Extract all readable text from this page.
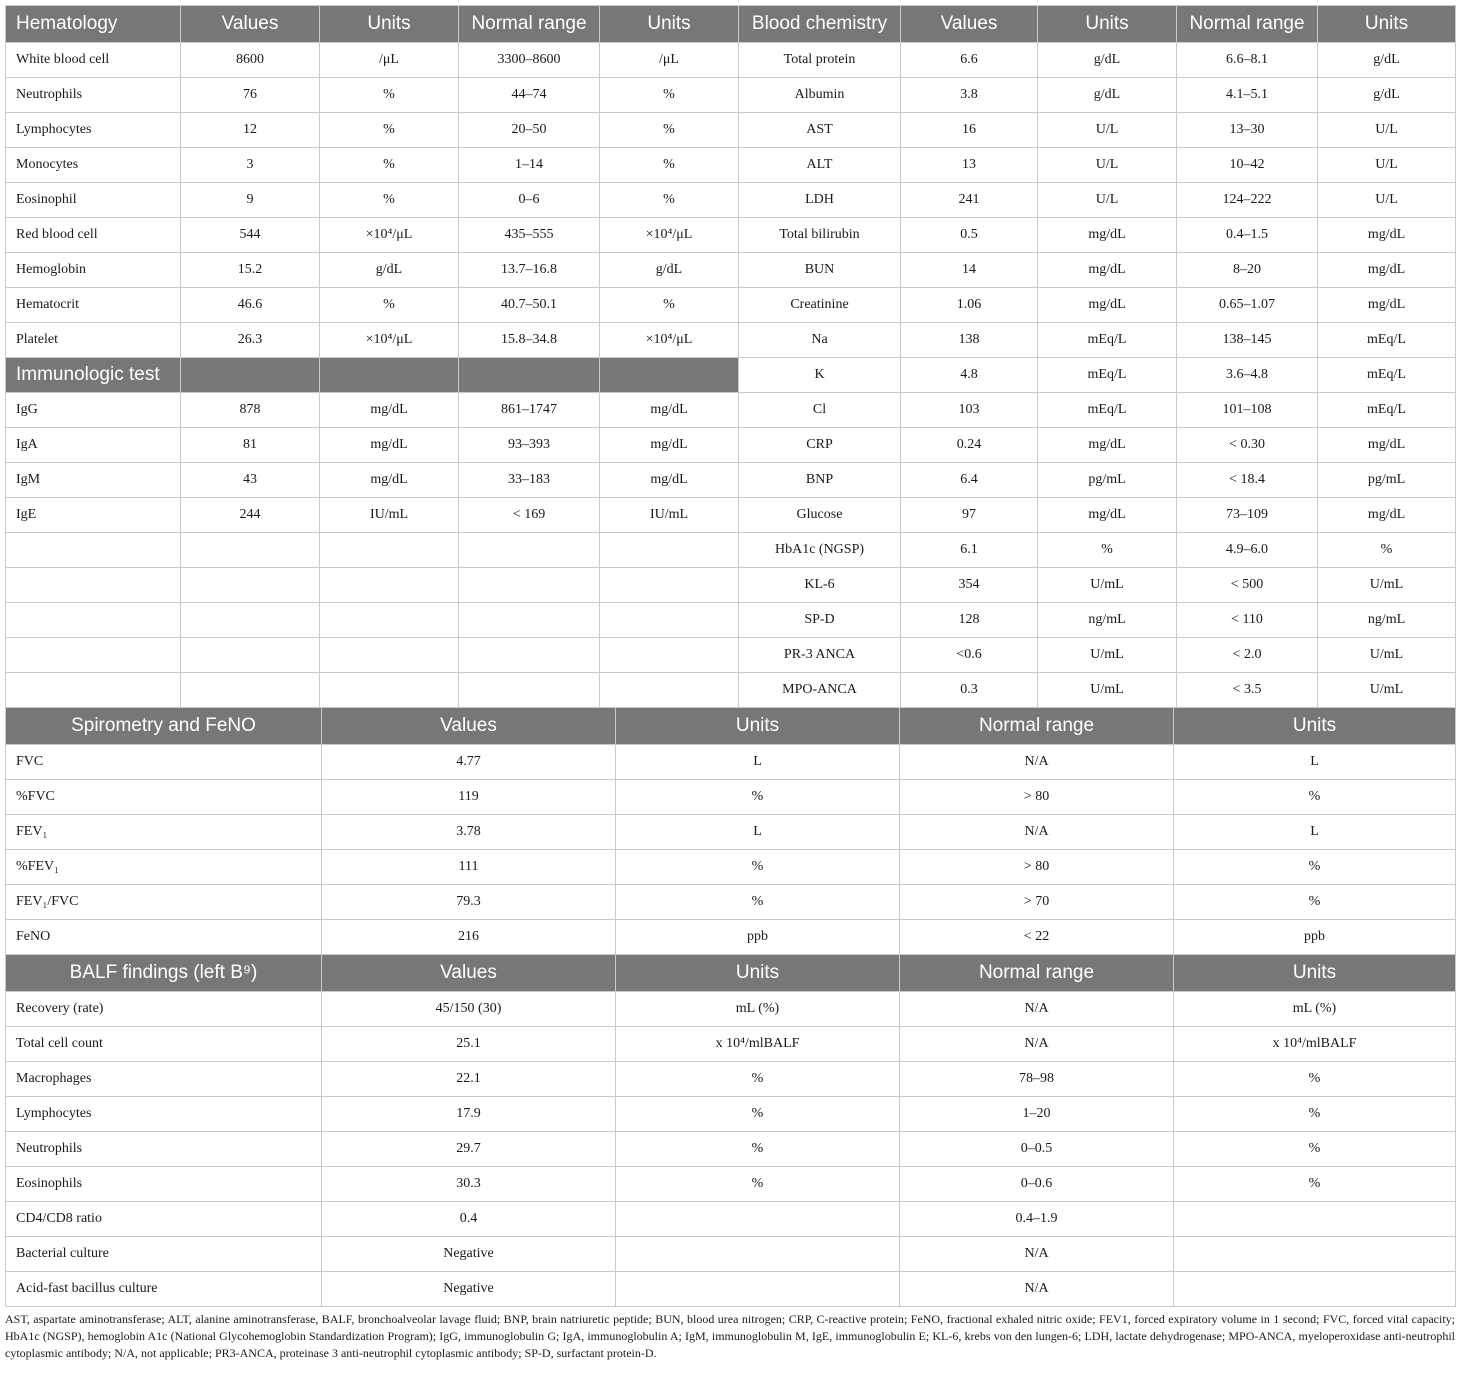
Hematology	Values	Units	Normal range	Units	Blood chemistry	Values	Units	Normal range	Units
White blood cell	8600	/μL	3300–8600	/μL	Total protein	6.6	g/dL	6.6–8.1	g/dL
Neutrophils	76	%	44–74	%	Albumin	3.8	g/dL	4.1–5.1	g/dL
Lymphocytes	12	%	20–50	%	AST	16	U/L	13–30	U/L
Monocytes	3	%	1–14	%	ALT	13	U/L	10–42	U/L
Eosinophil	9	%	0–6	%	LDH	241	U/L	124–222	U/L
Red blood cell	544	×10⁴/μL	435–555	×10⁴/μL	Total bilirubin	0.5	mg/dL	0.4–1.5	mg/dL
Hemoglobin	15.2	g/dL	13.7–16.8	g/dL	BUN	14	mg/dL	8–20	mg/dL
Hematocrit	46.6	%	40.7–50.1	%	Creatinine	1.06	mg/dL	0.65–1.07	mg/dL
Platelet	26.3	×10⁴/μL	15.8–34.8	×10⁴/μL	Na	138	mEq/L	138–145	mEq/L
Immunologic test					K	4.8	mEq/L	3.6–4.8	mEq/L
IgG	878	mg/dL	861–1747	mg/dL	Cl	103	mEq/L	101–108	mEq/L
IgA	81	mg/dL	93–393	mg/dL	CRP	0.24	mg/dL	< 0.30	mg/dL
IgM	43	mg/dL	33–183	mg/dL	BNP	6.4	pg/mL	< 18.4	pg/mL
IgE	244	IU/mL	< 169	IU/mL	Glucose	97	mg/dL	73–109	mg/dL
					HbA1c (NGSP)	6.1	%	4.9–6.0	%
					KL-6	354	U/mL	< 500	U/mL
					SP-D	128	ng/mL	< 110	ng/mL
					PR-3 ANCA	<0.6	U/mL	< 2.0	U/mL
					MPO-ANCA	0.3	U/mL	< 3.5	U/mL
Spirometry and FeNO	Values	Units	Normal range	Units
FVC	4.77	L	N/A	L
%FVC	119	%	> 80	%
FEV₁	3.78	L	N/A	L
%FEV₁	111	%	> 80	%
FEV₁/FVC	79.3	%	> 70	%
FeNO	216	ppb	< 22	ppb
BALF findings (left B⁹)	Values	Units	Normal range	Units
Recovery (rate)	45/150 (30)	mL (%)	N/A	mL (%)
Total cell count	25.1	x 10⁴/mlBALF	N/A	x 10⁴/mlBALF
Macrophages	22.1	%	78–98	%
Lymphocytes	17.9	%	1–20	%
Neutrophils	29.7	%	0–0.5	%
Eosinophils	30.3	%	0–0.6	%
CD4/CD8 ratio	0.4		0.4–1.9	
Bacterial culture	Negative		N/A	
Acid-fast bacillus culture	Negative		N/A	
AST, aspartate aminotransferase; ALT, alanine aminotransferase, BALF, bronchoalveolar lavage fluid; BNP, brain natriuretic peptide; BUN, blood urea nitrogen; CRP, C-reactive protein; FeNO, fractional exhaled nitric oxide; FEV1, forced expiratory volume in 1 second; FVC, forced vital capacity; HbA1c (NGSP), hemoglobin A1c (National Glycohemoglobin Standardization Program); IgG, immunoglobulin G; IgA, immunoglobulin A; IgM, immunoglobulin M, IgE, immunoglobulin E; KL-6, krebs von den lungen-6; LDH, lactate dehydrogenase; MPO-ANCA, myeloperoxidase anti-neutrophil cytoplasmic antibody; N/A, not applicable; PR3-ANCA, proteinase 3 anti-neutrophil cytoplasmic antibody; SP-D, surfactant protein-D.
